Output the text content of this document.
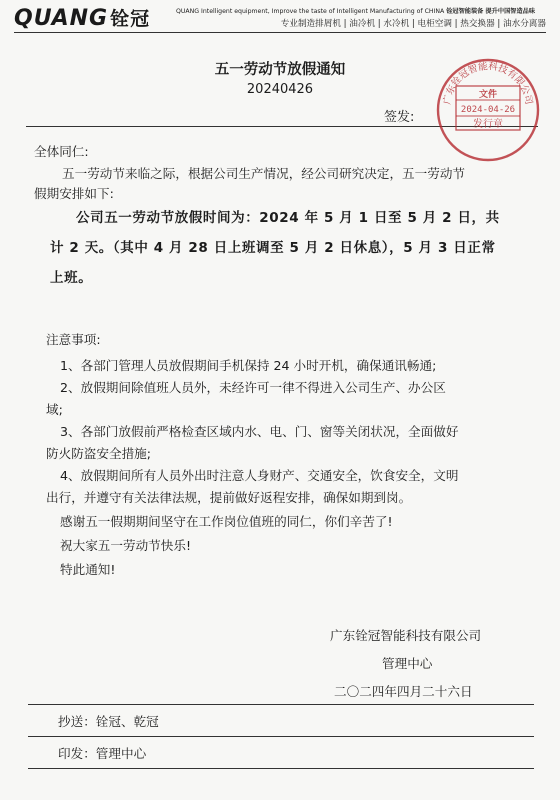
QUANG 铨冠	QUANG Intelligent equipment, Improve the taste of Intelligent Manufacturing of CHINA 铨冠智能装备 提升中国智造品味
专业制造排屑机 | 油冷机 | 水冷机 | 电柜空调 | 热交换器 | 油水分离器
五一劳动节放假通知
20240426
签发:
广东铨冠智能科技有限公司
文件
2024-04-26
发行章
全体同仁:
五一劳动节来临之际，根据公司生产情况，经公司研究决定，五一劳动节
假期安排如下:
公司五一劳动节放假时间为：2024 年 5 月 1 日至 5 月 2 日，共
计 2 天。（其中 4 月 28 日上班调至 5 月 2 日休息），5 月 3 日正常
上班。
注意事项:
1、各部门管理人员放假期间手机保持 24 小时开机，确保通讯畅通;
2、放假期间除值班人员外，未经许可一律不得进入公司生产、办公区
域;
3、各部门放假前严格检查区域内水、电、门、窗等关闭状况，全面做好
防火防盗安全措施;
4、放假期间所有人员外出时注意人身财产、交通安全，饮食安全，文明
出行，并遵守有关法律法规，提前做好返程安排，确保如期到岗。
感谢五一假期期间坚守在工作岗位值班的同仁，你们辛苦了!
祝大家五一劳动节快乐!
特此通知!
广东铨冠智能科技有限公司
管理中心
二〇二四年四月二十六日
抄送：铨冠、乾冠
印发：管理中心
